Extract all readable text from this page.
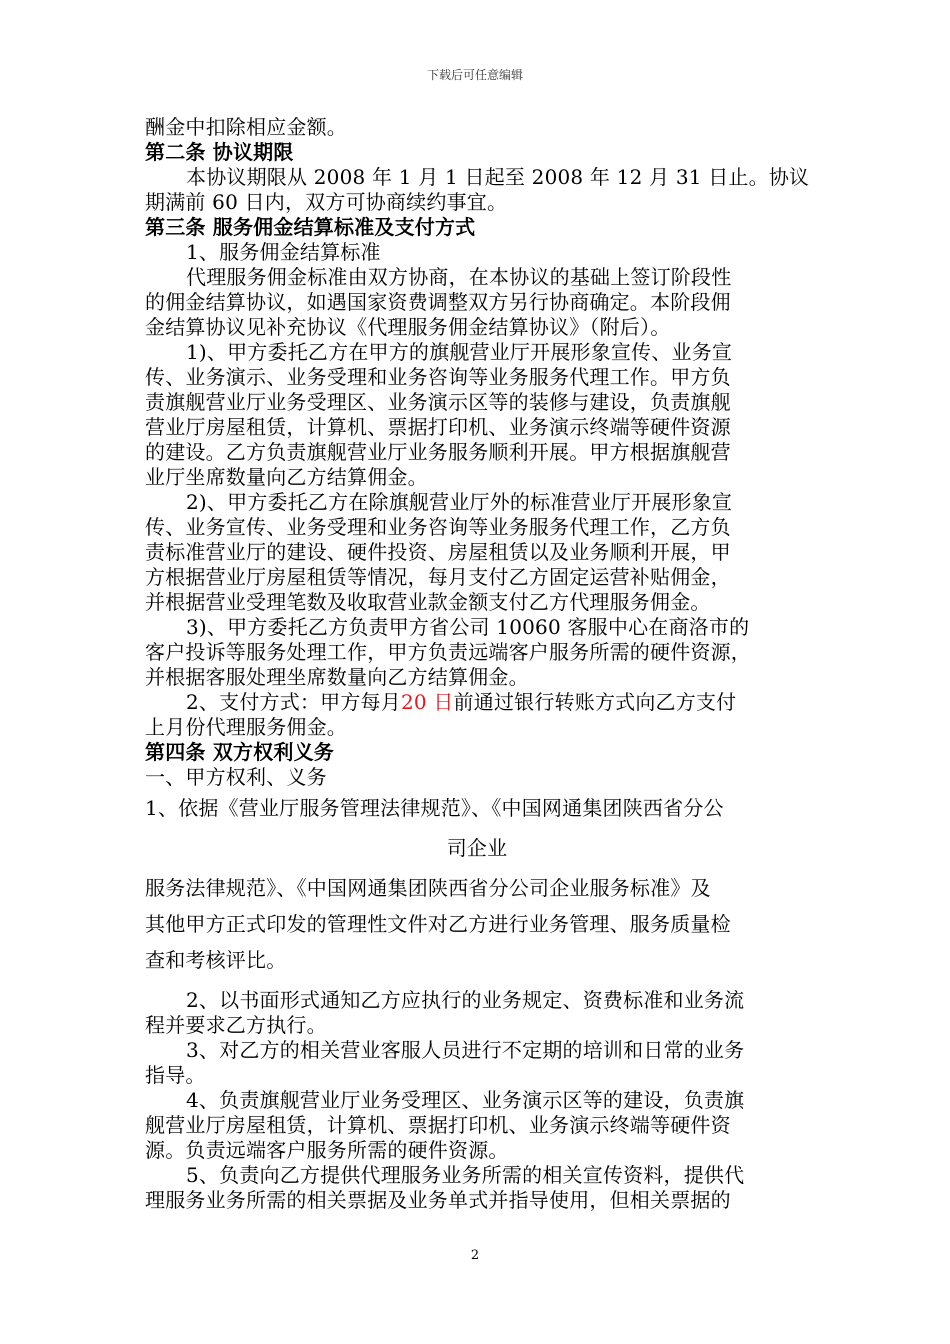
下载后可任意编辑
酬金中扣除相应金额。
第二条 协议期限
本协议期限从 2008 年 1 月 1 日起至 2008 年 12 月 31 日止。协议
期满前 60 日内，双方可协商续约事宜。
第三条 服务佣金结算标准及支付方式
1、服务佣金结算标准
代理服务佣金标准由双方协商，在本协议的基础上签订阶段性
的佣金结算协议，如遇国家资费调整双方另行协商确定。本阶段佣
金结算协议见补充协议《代理服务佣金结算协议》（附后）。
1)、甲方委托乙方在甲方的旗舰营业厅开展形象宣传、业务宣
传、业务演示、业务受理和业务咨询等业务服务代理工作。甲方负
责旗舰营业厅业务受理区、业务演示区等的装修与建设，负责旗舰
营业厅房屋租赁，计算机、票据打印机、业务演示终端等硬件资源
的建设。乙方负责旗舰营业厅业务服务顺利开展。甲方根据旗舰营
业厅坐席数量向乙方结算佣金。
2)、甲方委托乙方在除旗舰营业厅外的标准营业厅开展形象宣
传、业务宣传、业务受理和业务咨询等业务服务代理工作，乙方负
责标准营业厅的建设、硬件投资、房屋租赁以及业务顺利开展，甲
方根据营业厅房屋租赁等情况，每月支付乙方固定运营补贴佣金，
并根据营业受理笔数及收取营业款金额支付乙方代理服务佣金。
3)、甲方委托乙方负责甲方省公司 10060 客服中心在商洛市的
客户投诉等服务处理工作，甲方负责远端客户服务所需的硬件资源，
并根据客服处理坐席数量向乙方结算佣金。
2、支付方式：甲方每月20 日前通过银行转账方式向乙方支付
上月份代理服务佣金。
第四条 双方权利义务
一、甲方权利、义务
1、依据《营业厅服务管理法律规范》、《中国网通集团陕西省分公
司企业
服务法律规范》、《中国网通集团陕西省分公司企业服务标准》及
其他甲方正式印发的管理性文件对乙方进行业务管理、服务质量检
查和考核评比。
2、以书面形式通知乙方应执行的业务规定、资费标准和业务流
程并要求乙方执行。
3、对乙方的相关营业客服人员进行不定期的培训和日常的业务
指导。
4、负责旗舰营业厅业务受理区、业务演示区等的建设，负责旗
舰营业厅房屋租赁，计算机、票据打印机、业务演示终端等硬件资
源。负责远端客户服务所需的硬件资源。
5、负责向乙方提供代理服务业务所需的相关宣传资料，提供代
理服务业务所需的相关票据及业务单式并指导使用，但相关票据的
2
